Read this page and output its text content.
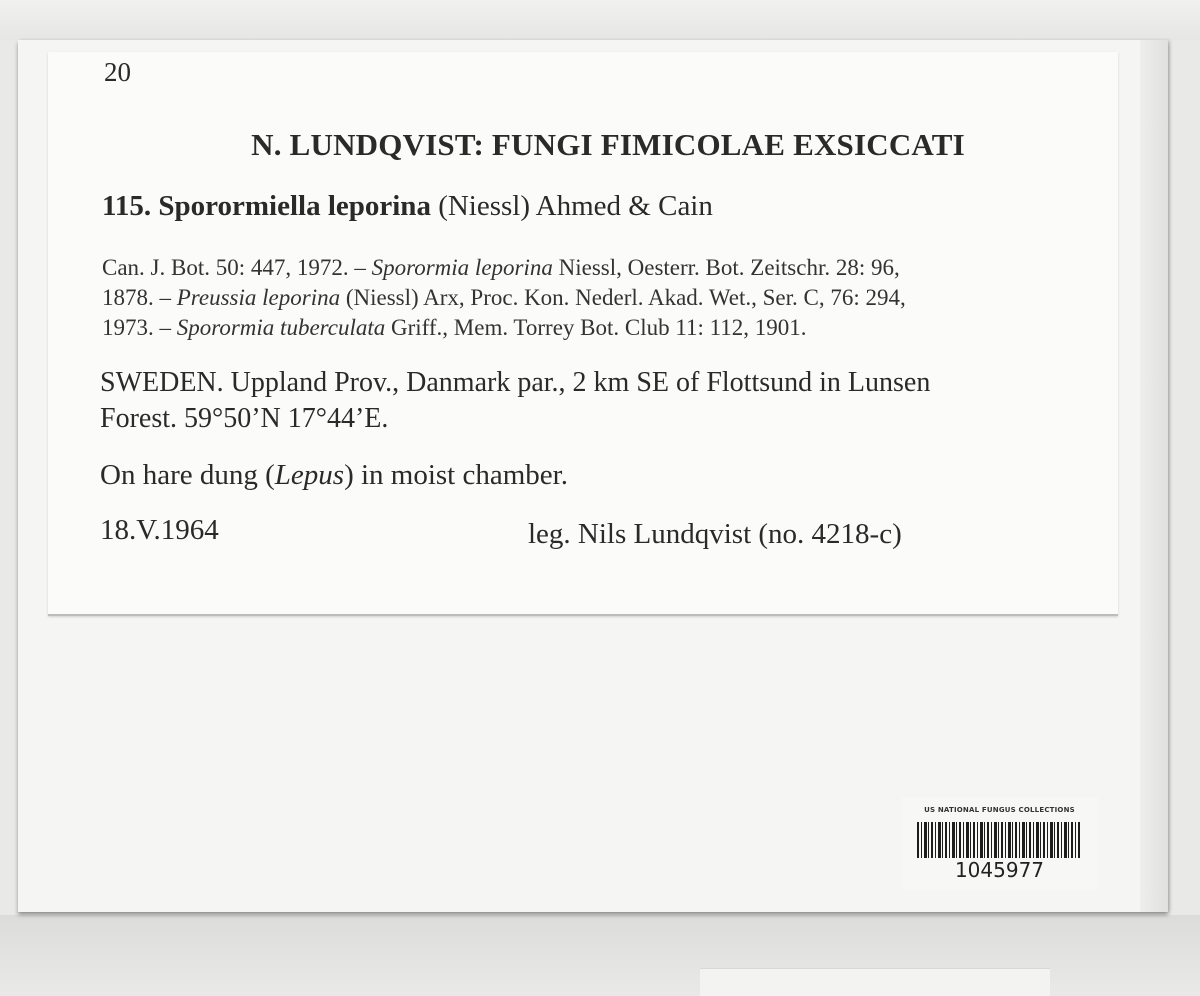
20
N. LUNDQVIST: FUNGI FIMICOLAE EXSICCATI
115. Sporormiella leporina (Niessl) Ahmed & Cain
Can. J. Bot. 50: 447, 1972. – Sporormia leporina Niessl, Oesterr. Bot. Zeitschr. 28: 96,
1878. – Preussia leporina (Niessl) Arx, Proc. Kon. Nederl. Akad. Wet., Ser. C, 76: 294,
1973. – Sporormia tuberculata Griff., Mem. Torrey Bot. Club 11: 112, 1901.
SWEDEN. Uppland Prov., Danmark par., 2 km SE of Flottsund in Lunsen
Forest. 59°50’N 17°44’E.
On hare dung (Lepus) in moist chamber.
18.V.1964	leg. Nils Lundqvist (no. 4218-c)
US NATIONAL FUNGUS COLLECTIONS
1045977
